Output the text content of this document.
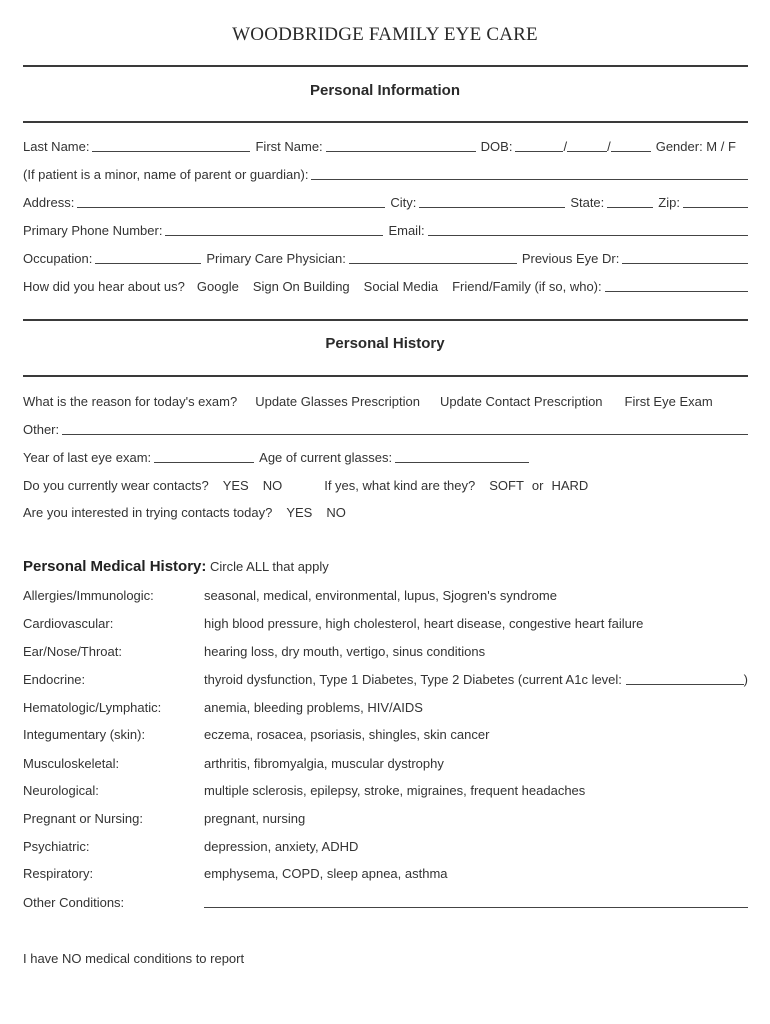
WOODBRIDGE FAMILY EYE CARE
Personal Information
Last Name:	First Name:	DOB:	/	/	Gender: M / F
(If patient is a minor, name of parent or guardian):
Address:	City:	State:	Zip:
Primary Phone Number:	Email:
Occupation:	Primary Care Physician:	Previous Eye Dr:
How did you hear about us? Google Sign On Building Social Media Friend/Family (if so, who):
Personal History
What is the reason for today's exam? Update Glasses Prescription Update Contact Prescription First Eye Exam
Other:
Year of last eye exam:	Age of current glasses:
Do you currently wear contacts? YES NO	If yes, what kind are they? SOFT or HARD
Are you interested in trying contacts today? YES NO
Personal Medical History: Circle ALL that apply
Allergies/Immunologic:	seasonal, medical, environmental, lupus, Sjogren's syndrome
Cardiovascular:	high blood pressure, high cholesterol, heart disease, congestive heart failure
Ear/Nose/Throat:	hearing loss, dry mouth, vertigo, sinus conditions
Endocrine:	thyroid dysfunction, Type 1 Diabetes, Type 2 Diabetes (current A1c level:	)
Hematologic/Lymphatic:	anemia, bleeding problems, HIV/AIDS
Integumentary (skin):	eczema, rosacea, psoriasis, shingles, skin cancer
Musculoskeletal:	arthritis, fibromyalgia, muscular dystrophy
Neurological:	multiple sclerosis, epilepsy, stroke, migraines, frequent headaches
Pregnant or Nursing:	pregnant, nursing
Psychiatric:	depression, anxiety, ADHD
Respiratory:	emphysema, COPD, sleep apnea, asthma
Other Conditions:
I have NO medical conditions to report
